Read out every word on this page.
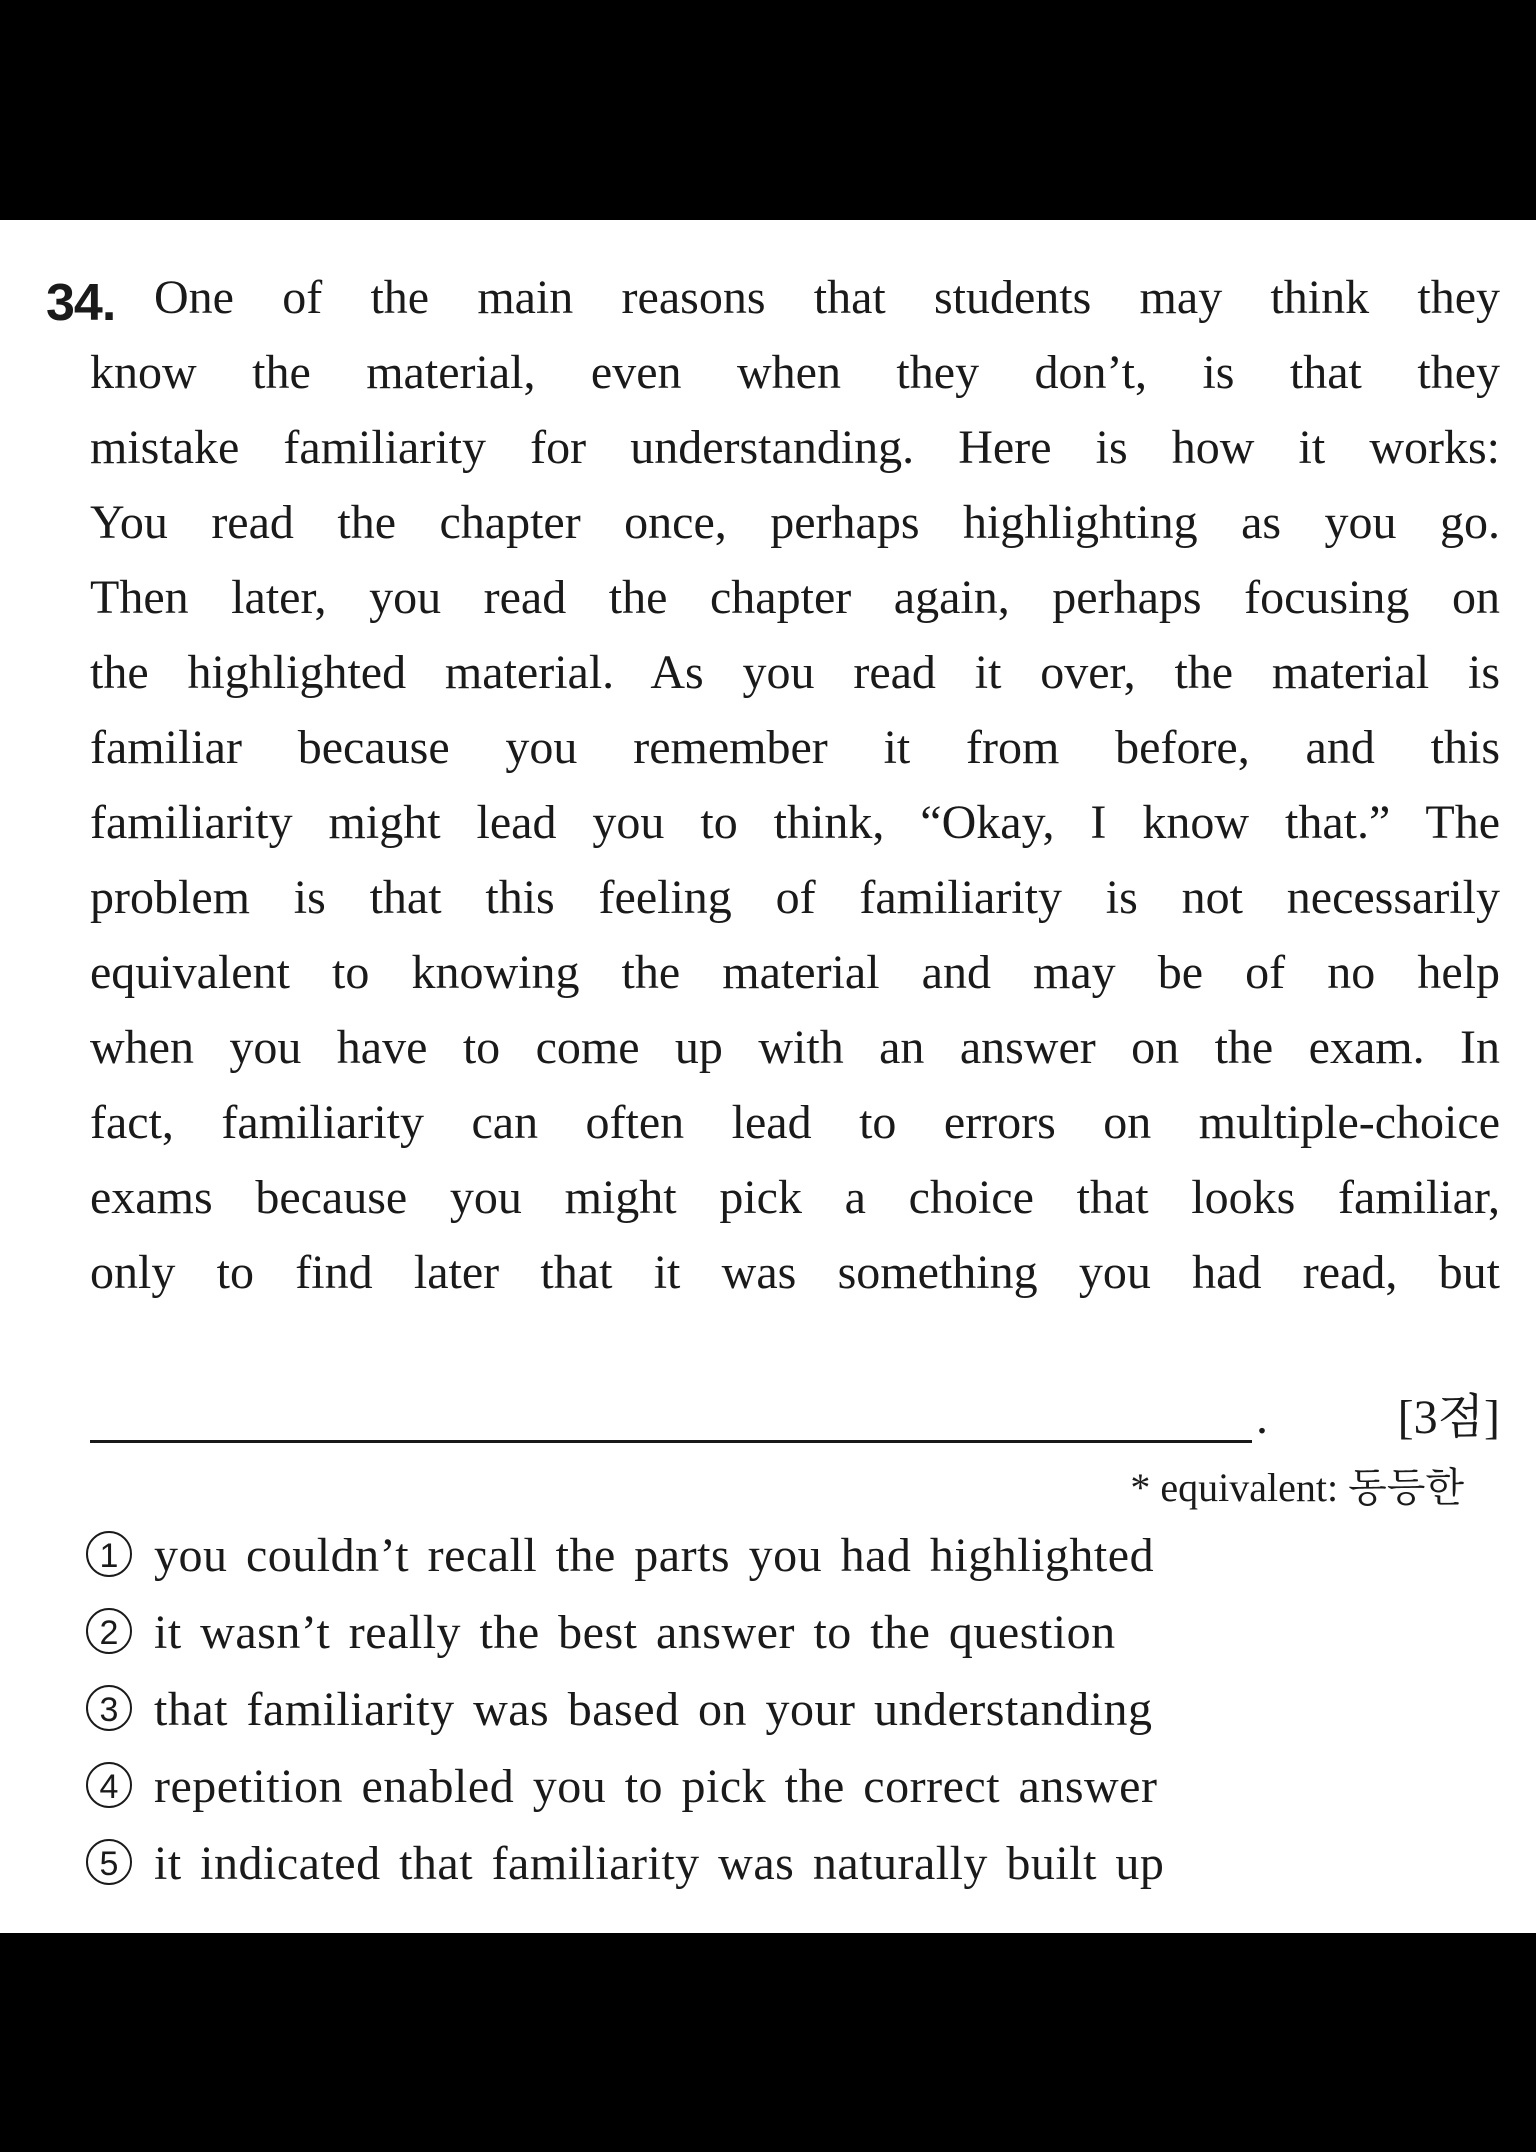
34. One of the main reasons that students may think they
know the material, even when they don’t, is that they
mistake familiarity for understanding. Here is how it works:
You read the chapter once, perhaps highlighting as you go.
Then later, you read the chapter again, perhaps focusing on
the highlighted material. As you read it over, the material is
familiar because you remember it from before, and this
familiarity might lead you to think, “Okay, I know that.” The
problem is that this feeling of familiarity is not necessarily
equivalent to knowing the material and may be of no help
when you have to come up with an answer on the exam. In
fact, familiarity can often lead to errors on multiple-choice
exams because you might pick a choice that looks familiar,
only to find later that it was something you had read, but
.	[3점]
* equivalent: 동등한
1 you couldn’t recall the parts you had highlighted
2 it wasn’t really the best answer to the question
3 that familiarity was based on your understanding
4 repetition enabled you to pick the correct answer
5 it indicated that familiarity was naturally built up
